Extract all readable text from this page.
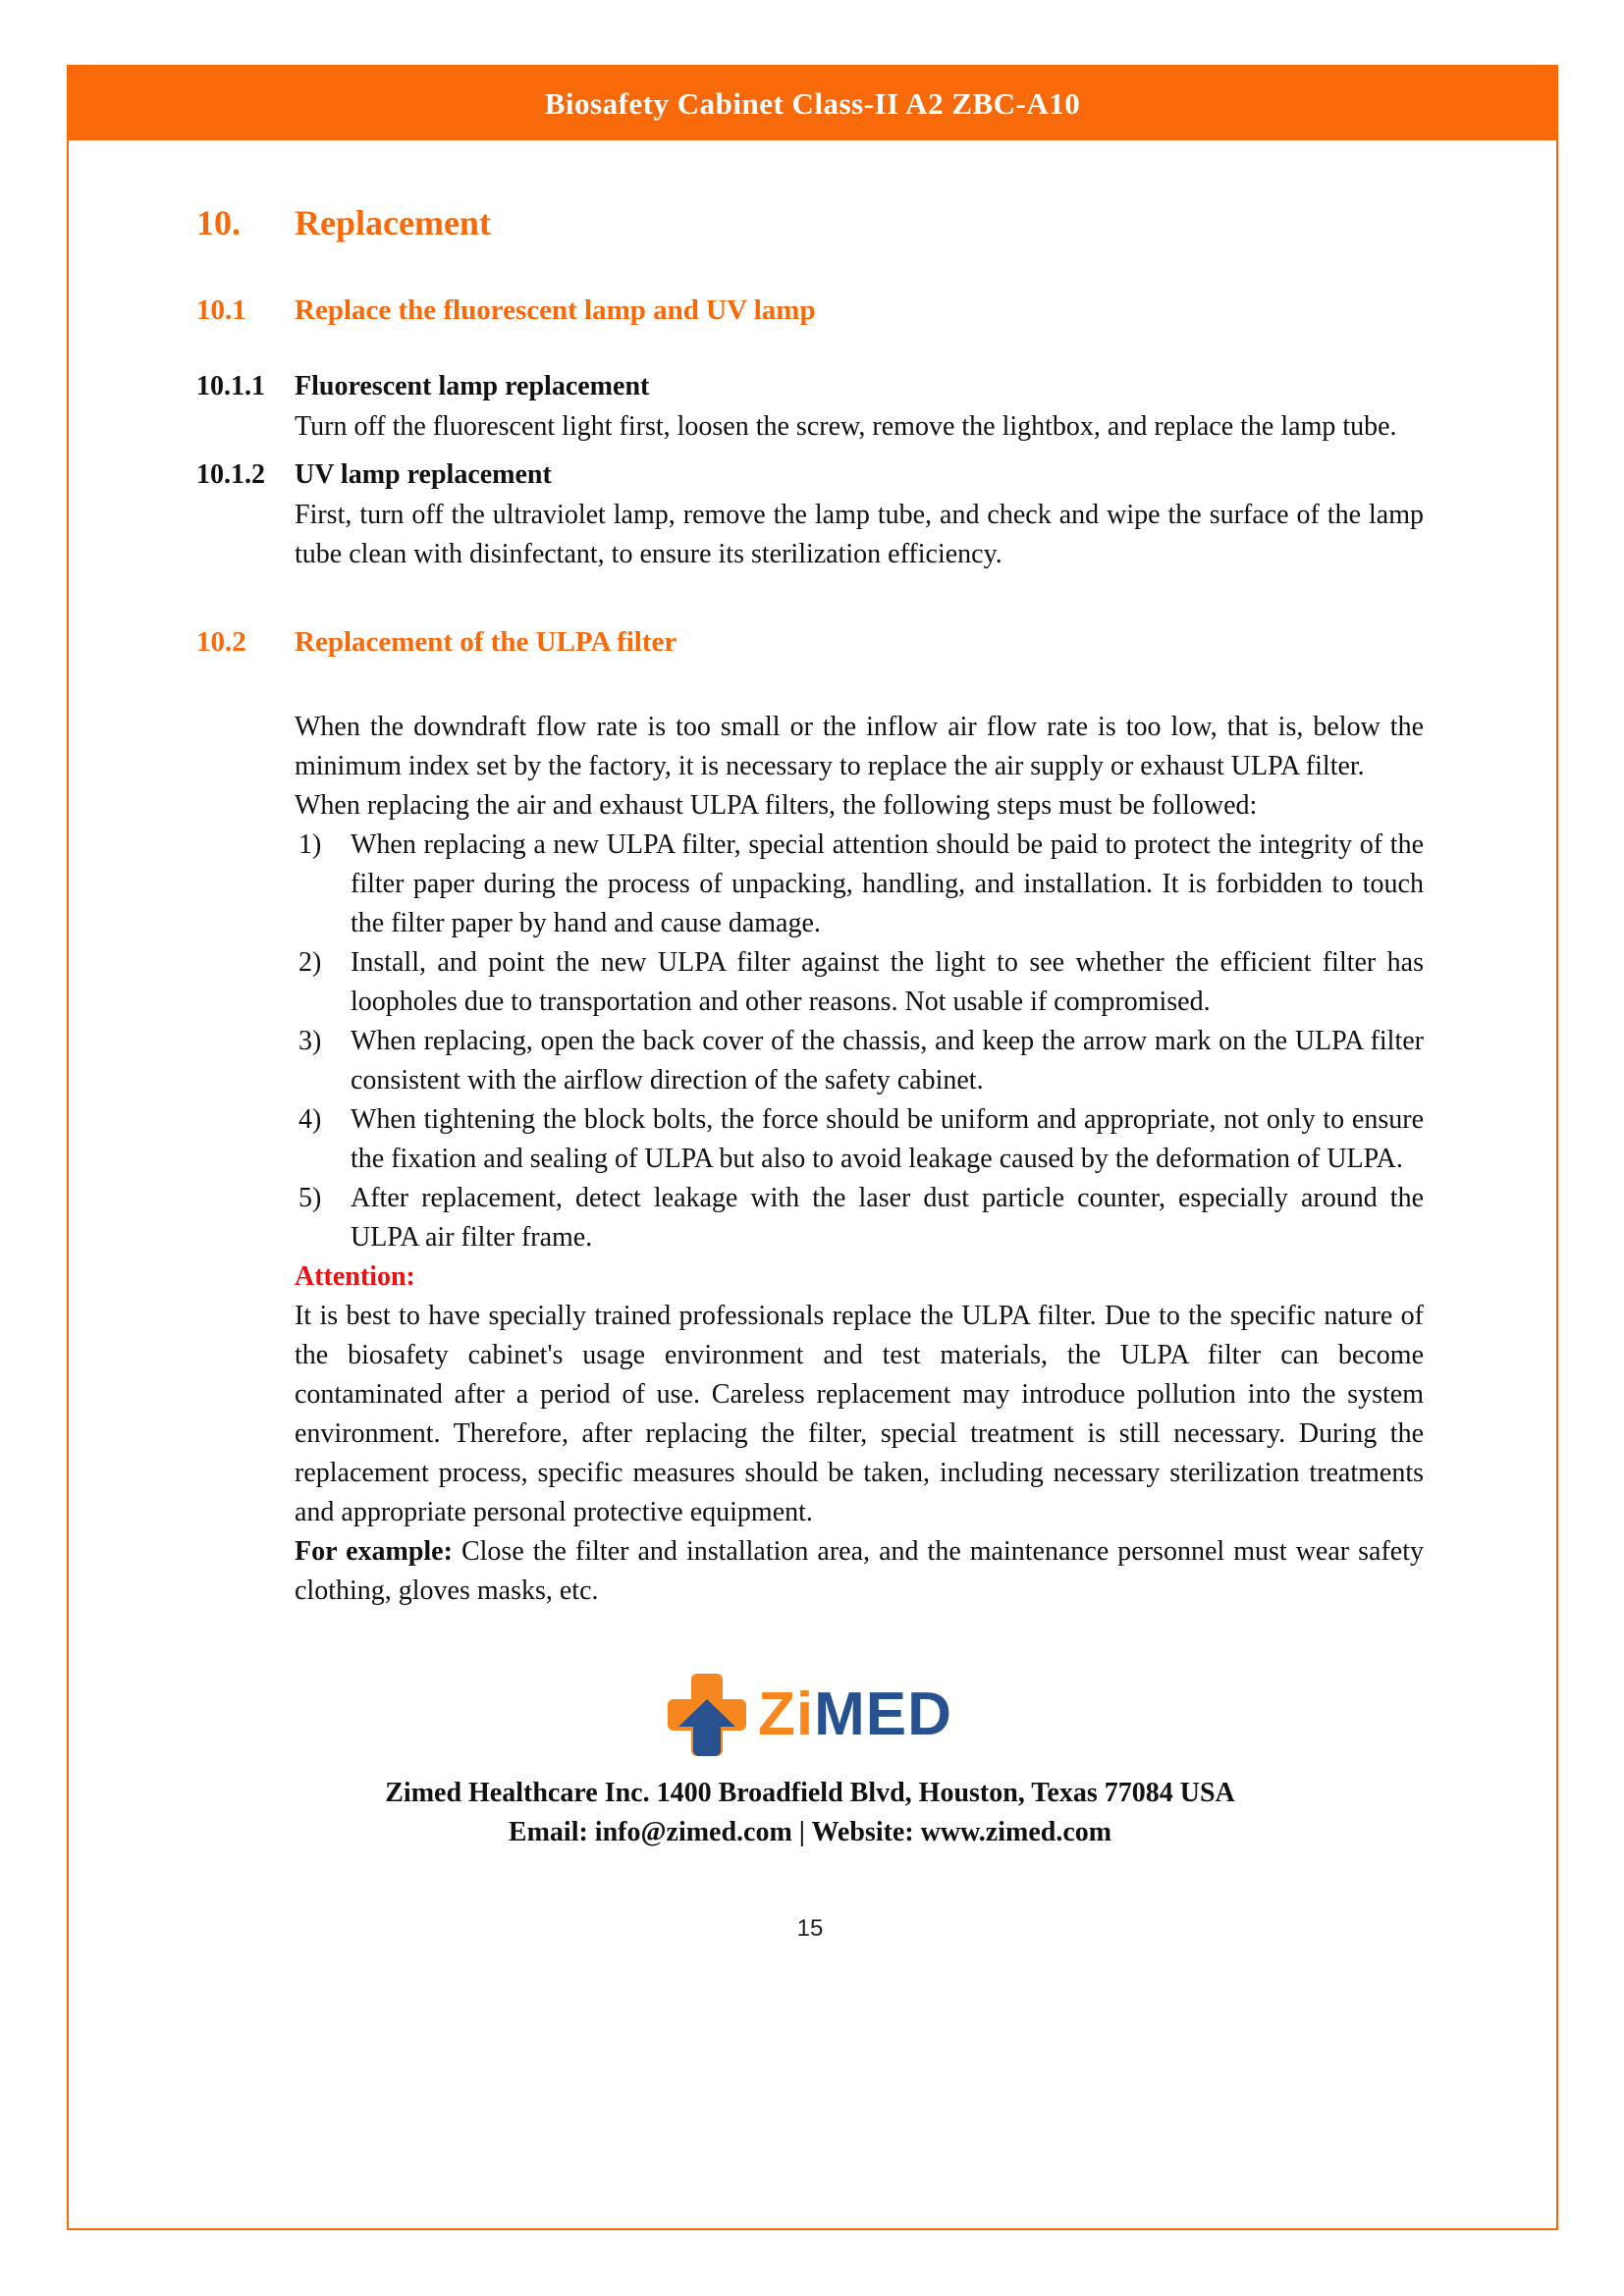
Biosafety Cabinet Class-II A2 ZBC-A10
10.	Replacement
10.1	Replace the fluorescent lamp and UV lamp
10.1.1	Fluorescent lamp replacement
Turn off the fluorescent light first, loosen the screw, remove the lightbox, and replace the lamp tube.
10.1.2	UV lamp replacement
First, turn off the ultraviolet lamp, remove the lamp tube, and check and wipe the surface of the lamp tube clean with disinfectant, to ensure its sterilization efficiency.
10.2	Replacement of the ULPA filter
When the downdraft flow rate is too small or the inflow air flow rate is too low, that is, below the minimum index set by the factory, it is necessary to replace the air supply or exhaust ULPA filter.
When replacing the air and exhaust ULPA filters, the following steps must be followed:
1)	When replacing a new ULPA filter, special attention should be paid to protect the integrity of the filter paper during the process of unpacking, handling, and installation. It is forbidden to touch the filter paper by hand and cause damage.
2)	Install, and point the new ULPA filter against the light to see whether the efficient filter has loopholes due to transportation and other reasons. Not usable if compromised.
3)	When replacing, open the back cover of the chassis, and keep the arrow mark on the ULPA filter consistent with the airflow direction of the safety cabinet.
4)	When tightening the block bolts, the force should be uniform and appropriate, not only to ensure the fixation and sealing of ULPA but also to avoid leakage caused by the deformation of ULPA.
5)	After replacement, detect leakage with the laser dust particle counter, especially around the ULPA air filter frame.
Attention:
It is best to have specially trained professionals replace the ULPA filter. Due to the specific nature of the biosafety cabinet's usage environment and test materials, the ULPA filter can become contaminated after a period of use. Careless replacement may introduce pollution into the system environment. Therefore, after replacing the filter, special treatment is still necessary. During the replacement process, specific measures should be taken, including necessary sterilization treatments and appropriate personal protective equipment.
For example: Close the filter and installation area, and the maintenance personnel must wear safety clothing, gloves masks, etc.
ZiMED
Zimed Healthcare Inc. 1400 Broadfield Blvd, Houston, Texas 77084 USA
Email: info@zimed.com | Website: www.zimed.com
15
